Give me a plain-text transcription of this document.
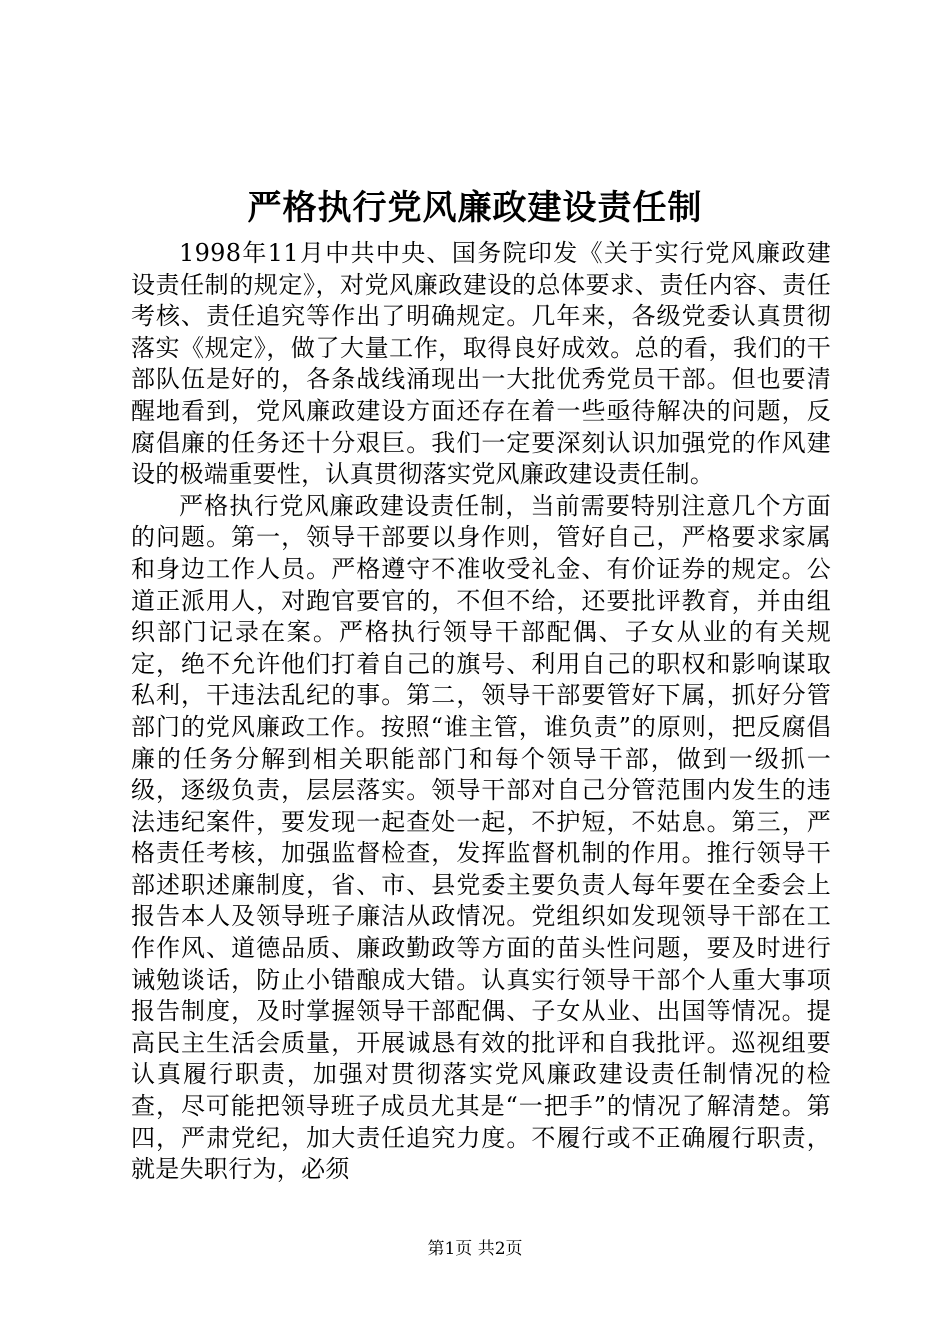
严格执行党风廉政建设责任制

1998年11月中共中央、国务院印发《关于实行党风廉政建设责任制的规定》，对党风廉政建设的总体要求、责任内容、责任考核、责任追究等作出了明确规定。几年来，各级党委认真贯彻落实《规定》，做了大量工作，取得良好成效。总的看，我们的干部队伍是好的，各条战线涌现出一大批优秀党员干部。但也要清醒地看到，党风廉政建设方面还存在着一些亟待解决的问题，反腐倡廉的任务还十分艰巨。我们一定要深刻认识加强党的作风建设的极端重要性，认真贯彻落实党风廉政建设责任制。

严格执行党风廉政建设责任制，当前需要特别注意几个方面的问题。第一，领导干部要以身作则，管好自己，严格要求家属和身边工作人员。严格遵守不准收受礼金、有价证券的规定。公道正派用人，对跑官要官的，不但不给，还要批评教育，并由组织部门记录在案。严格执行领导干部配偶、子女从业的有关规定，绝不允许他们打着自己的旗号、利用自己的职权和影响谋取私利，干违法乱纪的事。第二，领导干部要管好下属，抓好分管部门的党风廉政工作。按照“谁主管，谁负责”的原则，把反腐倡廉的任务分解到相关职能部门和每个领导干部，做到一级抓一级，逐级负责，层层落实。领导干部对自己分管范围内发生的违法违纪案件，要发现一起查处一起，不护短，不姑息。第三，严格责任考核，加强监督检查，发挥监督机制的作用。推行领导干部述职述廉制度，省、市、县党委主要负责人每年要在全委会上报告本人及领导班子廉洁从政情况。党组织如发现领导干部在工作作风、道德品质、廉政勤政等方面的苗头性问题，要及时进行诫勉谈话，防止小错酿成大错。认真实行领导干部个人重大事项报告制度，及时掌握领导干部配偶、子女从业、出国等情况。提高民主生活会质量，开展诚恳有效的批评和自我批评。巡视组要认真履行职责，加强对贯彻落实党风廉政建设责任制情况的检查，尽可能把领导班子成员尤其是“一把手”的情况了解清楚。第四，严肃党纪，加大责任追究力度。不履行或不正确履行职责，就是失职行为，必须

第1页 共2页
